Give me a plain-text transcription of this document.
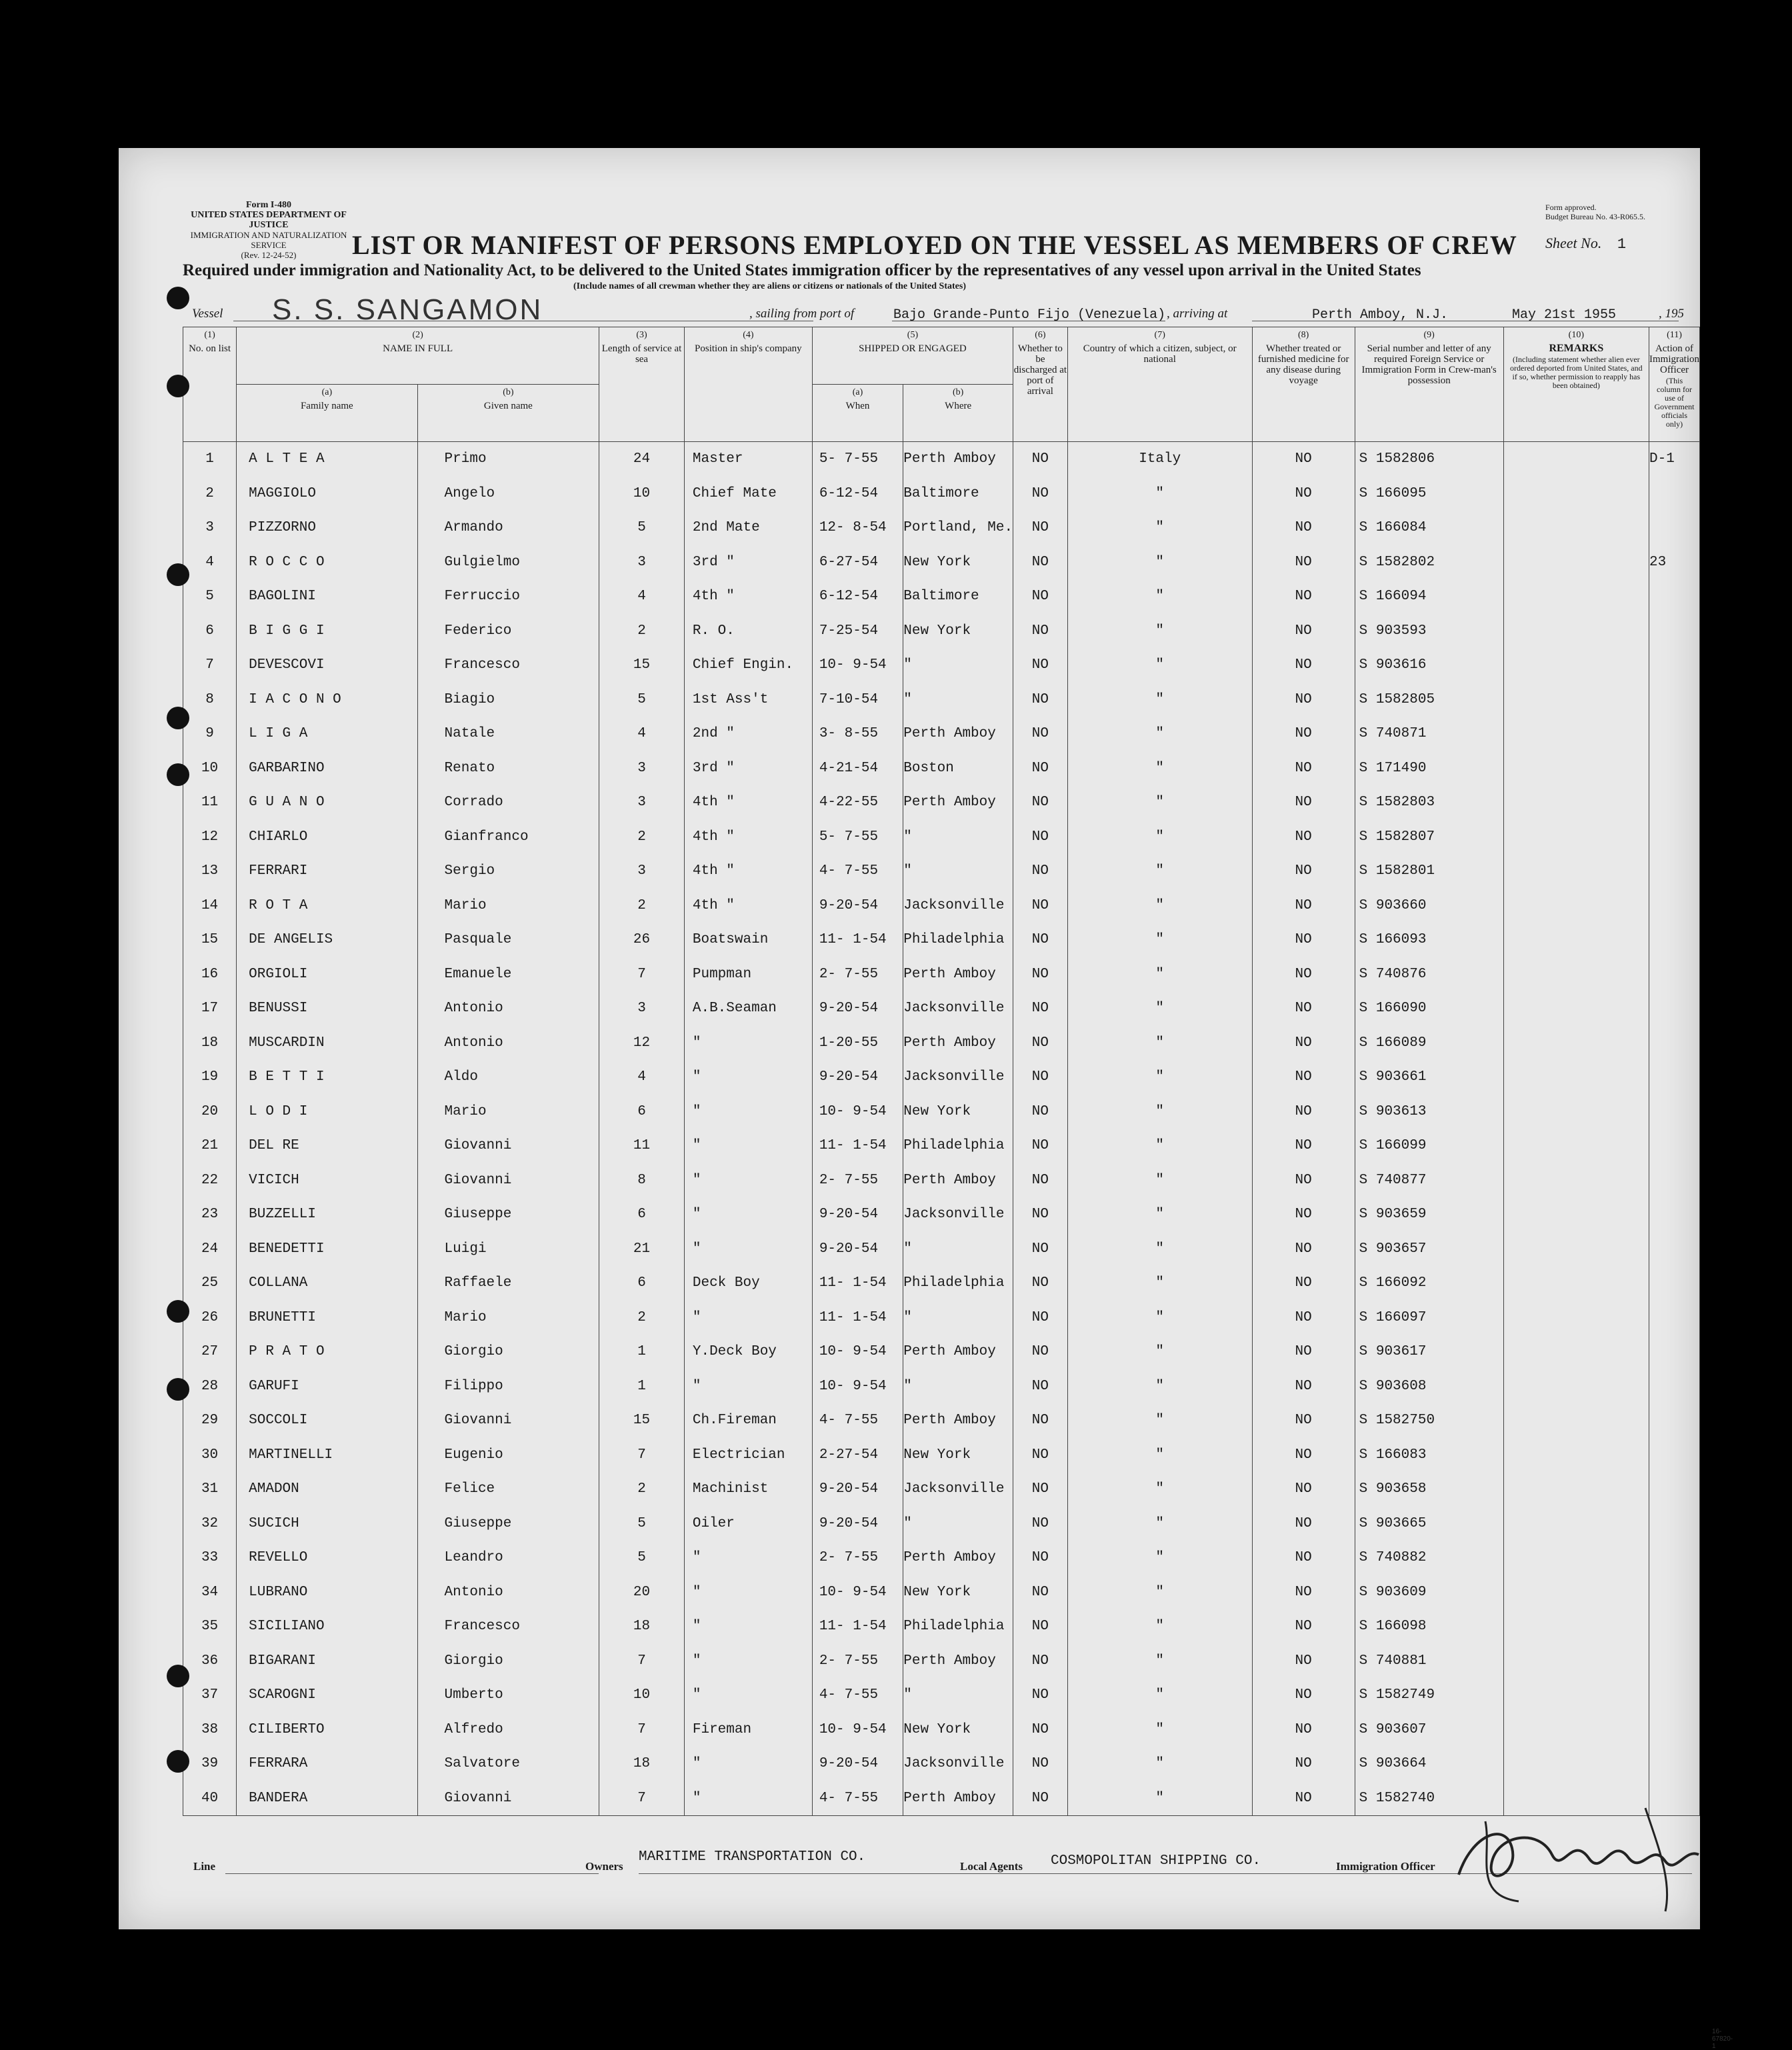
Form I-480
UNITED STATES DEPARTMENT OF JUSTICE
IMMIGRATION AND NATURALIZATION SERVICE
(Rev. 12-24-52)
Form approved.
Budget Bureau No. 43-R065.5.
LIST OR MANIFEST OF PERSONS EMPLOYED ON THE VESSEL AS MEMBERS OF CREW Sheet No. 1
Required under immigration and Nationality Act, to be delivered to the United States immigration officer by the representatives of any vessel upon arrival in the United States
(Include names of all crewman whether they are aliens or citizens or nationals of the United States)
Vessel S. S. SANGAMON	, sailing from port of	Bajo Grande-Punto Fijo (Venezuela) , arriving at	Perth Amboy, N.J.	May 21st 1955	, 195
(1)
No. on list	(2)
NAME IN FULL		(3)
Length of service at sea	(4)
Position in ship's company	(5)
SHIPPED OR ENGAGED		(6)
Whether to be discharged at port of arrival	(7)
Country of which a citizen, subject, or national	(8)
Whether treated or furnished medicine for any disease during voyage	(9)
Serial number and letter of any required Foreign Service or Immigration Form in Crew-man's possession	(10)
REMARKS

(Including statement whether alien ever ordered deported from United States, and if so, whether permission to reapply has been obtained)	(11)
Action of Immigration Officer

(This column for use of Government officials only)

	(a)
Family name	(b)
Given name			(a)
When	(b)
Where						
1	A L T E A	Primo	24	Master	5- 7-55	Perth Amboy	NO	Italy	NO	S 1582806		D-1
2	MAGGIOLO	Angelo	10	Chief Mate	6-12-54	Baltimore	NO	"	NO	S 166095		
3	PIZZORNO	Armando	5	2nd Mate	12- 8-54	Portland, Me.	NO	"	NO	S 166084		
4	R O C C O	Gulgielmo	3	3rd "	6-27-54	New York	NO	"	NO	S 1582802		23
5	BAGOLINI	Ferruccio	4	4th "	6-12-54	Baltimore	NO	"	NO	S 166094		
6	B I G G I	Federico	2	R. O.	7-25-54	New York	NO	"	NO	S 903593		
7	DEVESCOVI	Francesco	15	Chief Engin.	10- 9-54	"	NO	"	NO	S 903616		
8	I A C O N O	Biagio	5	1st Ass't	7-10-54	"	NO	"	NO	S 1582805		
9	L I G A	Natale	4	2nd "	3- 8-55	Perth Amboy	NO	"	NO	S 740871		
10	GARBARINO	Renato	3	3rd "	4-21-54	Boston	NO	"	NO	S 171490		
11	G U A N O	Corrado	3	4th "	4-22-55	Perth Amboy	NO	"	NO	S 1582803		
12	CHIARLO	Gianfranco	2	4th "	5- 7-55	"	NO	"	NO	S 1582807		
13	FERRARI	Sergio	3	4th "	4- 7-55	"	NO	"	NO	S 1582801		
14	R O T A	Mario	2	4th "	9-20-54	Jacksonville	NO	"	NO	S 903660		
15	DE ANGELIS	Pasquale	26	Boatswain	11- 1-54	Philadelphia	NO	"	NO	S 166093		
16	ORGIOLI	Emanuele	7	Pumpman	2- 7-55	Perth Amboy	NO	"	NO	S 740876		
17	BENUSSI	Antonio	3	A.B.Seaman	9-20-54	Jacksonville	NO	"	NO	S 166090		
18	MUSCARDIN	Antonio	12	"	1-20-55	Perth Amboy	NO	"	NO	S 166089		
19	B E T T I	Aldo	4	"	9-20-54	Jacksonville	NO	"	NO	S 903661		
20	L O D I	Mario	6	"	10- 9-54	New York	NO	"	NO	S 903613		
21	DEL RE	Giovanni	11	"	11- 1-54	Philadelphia	NO	"	NO	S 166099		
22	VICICH	Giovanni	8	"	2- 7-55	Perth Amboy	NO	"	NO	S 740877		
23	BUZZELLI	Giuseppe	6	"	9-20-54	Jacksonville	NO	"	NO	S 903659		
24	BENEDETTI	Luigi	21	"	9-20-54	"	NO	"	NO	S 903657		
25	COLLANA	Raffaele	6	Deck Boy	11- 1-54	Philadelphia	NO	"	NO	S 166092		
26	BRUNETTI	Mario	2	"	11- 1-54	"	NO	"	NO	S 166097		
27	P R A T O	Giorgio	1	Y.Deck Boy	10- 9-54	Perth Amboy	NO	"	NO	S 903617		
28	GARUFI	Filippo	1	"	10- 9-54	"	NO	"	NO	S 903608		
29	SOCCOLI	Giovanni	15	Ch.Fireman	4- 7-55	Perth Amboy	NO	"	NO	S 1582750		
30	MARTINELLI	Eugenio	7	Electrician	2-27-54	New York	NO	"	NO	S 166083		
31	AMADON	Felice	2	Machinist	9-20-54	Jacksonville	NO	"	NO	S 903658		
32	SUCICH	Giuseppe	5	Oiler	9-20-54	"	NO	"	NO	S 903665		
33	REVELLO	Leandro	5	"	2- 7-55	Perth Amboy	NO	"	NO	S 740882		
34	LUBRANO	Antonio	20	"	10- 9-54	New York	NO	"	NO	S 903609		
35	SICILIANO	Francesco	18	"	11- 1-54	Philadelphia	NO	"	NO	S 166098		
36	BIGARANI	Giorgio	7	"	2- 7-55	Perth Amboy	NO	"	NO	S 740881		
37	SCAROGNI	Umberto	10	"	4- 7-55	"	NO	"	NO	S 1582749		
38	CILIBERTO	Alfredo	7	Fireman	10- 9-54	New York	NO	"	NO	S 903607		
39	FERRARA	Salvatore	18	"	9-20-54	Jacksonville	NO	"	NO	S 903664		
40	BANDERA	Giovanni	7	"	4- 7-55	Perth Amboy	NO	"	NO	S 1582740		
Line	Owners
MARITIME TRANSPORTATION CO.
Local Agents COSMOPOLITAN SHIPPING CO.	Immigration Officer
16-67820-1
